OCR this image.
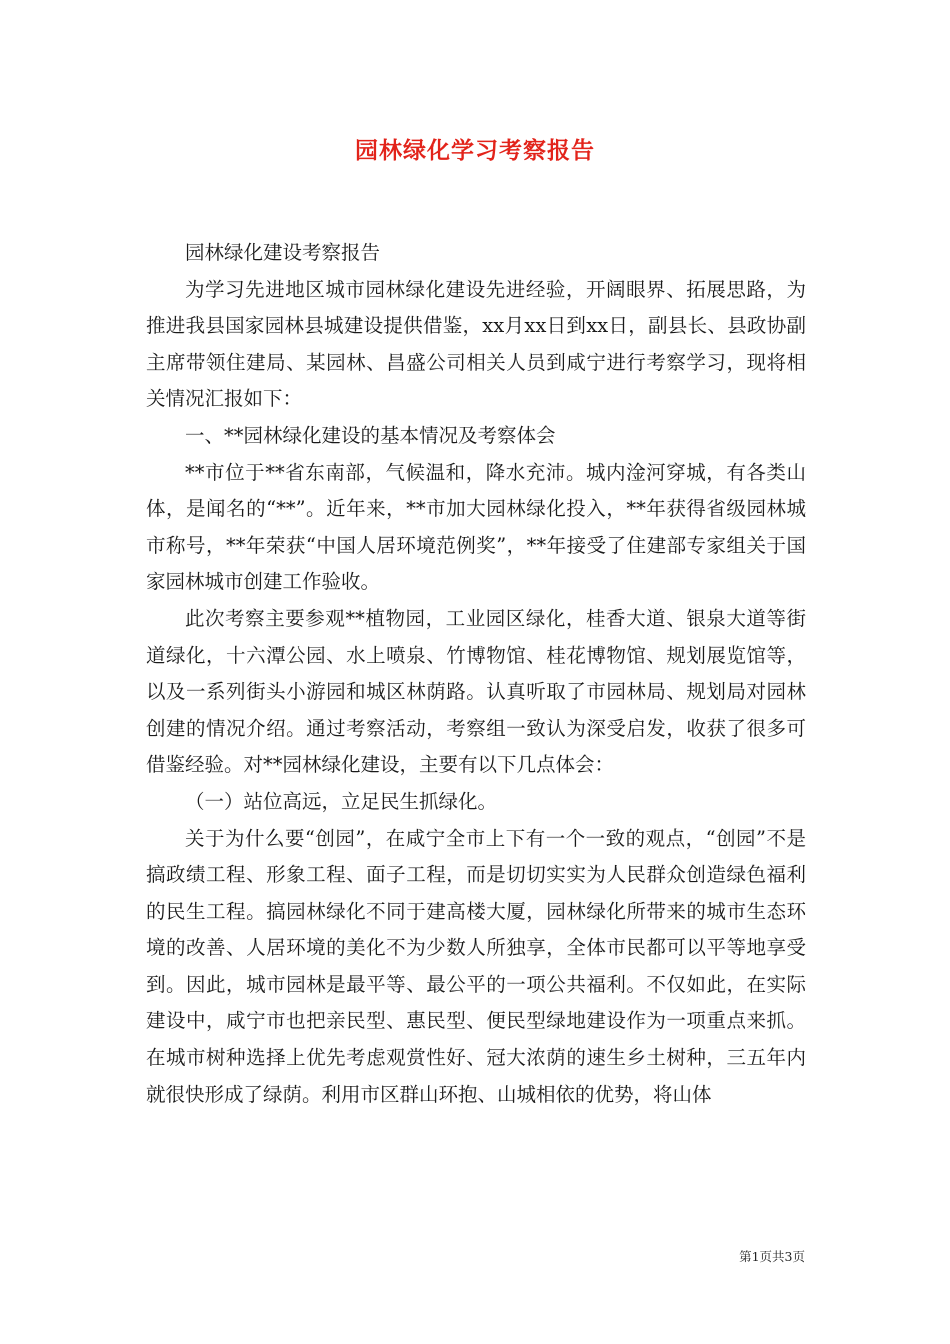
园林绿化学习考察报告

园林绿化建设考察报告

为学习先进地区城市园林绿化建设先进经验，开阔眼界、拓展思路，为推进我县国家园林县城建设提供借鉴，xx月xx日到xx日，副县长、县政协副主席带领住建局、某园林、昌盛公司相关人员到咸宁进行考察学习，现将相关情况汇报如下：

一、**园林绿化建设的基本情况及考察体会

**市位于**省东南部，气候温和，降水充沛。城内淦河穿城，有各类山体，是闻名的“**”。近年来，**市加大园林绿化投入，**年获得省级园林城市称号，**年荣获“中国人居环境范例奖”，**年接受了住建部专家组关于国家园林城市创建工作验收。

此次考察主要参观**植物园，工业园区绿化，桂香大道、银泉大道等街道绿化，十六潭公园、水上喷泉、竹博物馆、桂花博物馆、规划展览馆等，以及一系列街头小游园和城区林荫路。认真听取了市园林局、规划局对园林创建的情况介绍。通过考察活动，考察组一致认为深受启发，收获了很多可借鉴经验。对**园林绿化建设，主要有以下几点体会：

（一）站位高远，立足民生抓绿化。

关于为什么要“创园”，在咸宁全市上下有一个一致的观点，“创园”不是搞政绩工程、形象工程、面子工程，而是切切实实为人民群众创造绿色福利的民生工程。搞园林绿化不同于建高楼大厦，园林绿化所带来的城市生态环境的改善、人居环境的美化不为少数人所独享，全体市民都可以平等地享受到。因此，城市园林是最平等、最公平的一项公共福利。不仅如此，在实际建设中，咸宁市也把亲民型、惠民型、便民型绿地建设作为一项重点来抓。在城市树种选择上优先考虑观赏性好、冠大浓荫的速生乡土树种，三五年内就很快形成了绿荫。利用市区群山环抱、山城相依的优势，将山体

第1页共3页
